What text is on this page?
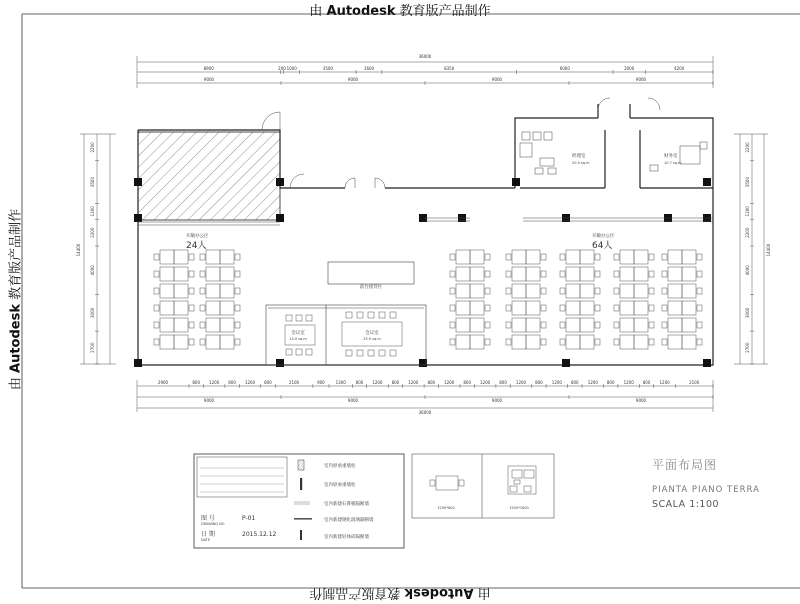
由 Autodesk 教育版产品制作
由 Autodesk 教育版产品制作
由 Autodesk 教育版产品制作
8900	200 1000	3500	1600	8350	6000	2000	4200
9000	9000	9000	9000
2900	800 1200 800 1200 800	2100	900	1300 800 1200 800 1200 800 1200 800 1200 800 1200 800 1200 800 1200 800 1200 800 1200	2100
9000	9000	9000	9000
2200
3500
1300
2200
4000
3000
2700
2200
3500
1300
2200
4000
3000
2700
36000
36000
14400	14400
开敞办公区
24人
开敞办公区
64人
经理室
20.0 sq.m
财务室
10.7 sq.m
前台接待区
会议室
14.0 sq.m
会议室
25.0 sq.m
图 号
DRAWING NO
P-01
日 期
DATE
2015.12.12
室内原承重墙柱
室内原承重墙柱
室内新建石膏板隔断墙
室内新建钢化玻璃隔断墙
室内新建轻体砖隔断墙
1200*600	1500*1600
平面布局图
PIANTA PIANO TERRA
SCALA 1:100
